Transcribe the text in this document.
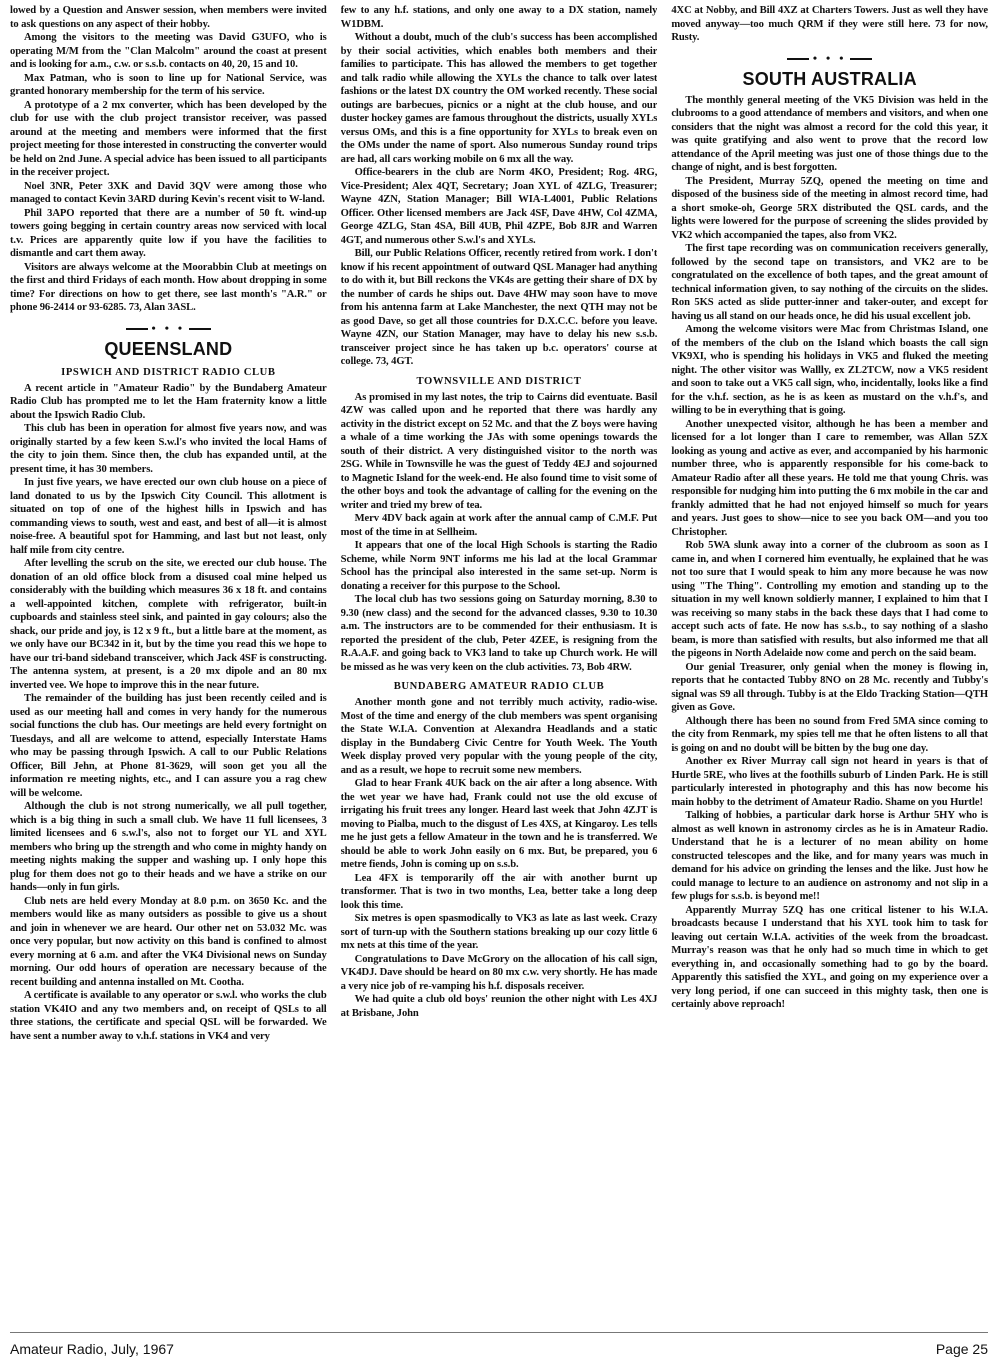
lowed by a Question and Answer session, when members were invited to ask questions on any aspect of their hobby.

Among the visitors to the meeting was David G3UFO, who is operating M/M from the "Clan Malcolm" around the coast at present and is looking for a.m., c.w. or s.s.b. contacts on 40, 20, 15 and 10.

Max Patman, who is soon to line up for National Service, was granted honorary membership for the term of his service.

A prototype of a 2 mx converter, which has been developed by the club for use with the club project transistor receiver, was passed around at the meeting and members were informed that the first project meeting for those interested in constructing the converter would be held on 2nd June. A special advice has been issued to all participants in the receiver project.

Noel 3NR, Peter 3XK and David 3QV were among those who managed to contact Kevin 3ARD during Kevin's recent visit to W-land.

Phil 3APO reported that there are a number of 50 ft. wind-up towers going begging in certain country areas now serviced with local t.v. Prices are apparently quite low if you have the facilities to dismantle and cart them away.

Visitors are always welcome at the Moorabbin Club at meetings on the first and third Fridays of each month. How about dropping in some time? For directions on how to get there, see last month's "A.R." or phone 96-2414 or 93-6285. 73, Alan 3ASL.

• • •
QUEENSLAND
IPSWICH AND DISTRICT RADIO CLUB

A recent article in "Amateur Radio" by the Bundaberg Amateur Radio Club has prompted me to let the Ham fraternity know a little about the Ipswich Radio Club.

This club has been in operation for almost five years now, and was originally started by a few keen S.w.l's who invited the local Hams of the city to join them. Since then, the club has expanded until, at the present time, it has 30 members.

In just five years, we have erected our own club house on a piece of land donated to us by the Ipswich City Council. This allotment is situated on top of one of the highest hills in Ipswich and has commanding views to south, west and east, and best of all—it is almost noise-free. A beautiful spot for Hamming, and last but not least, only half mile from city centre.

After levelling the scrub on the site, we erected our club house. The donation of an old office block from a disused coal mine helped us considerably with the building which measures 36 x 18 ft. and contains a well-appointed kitchen, complete with refrigerator, built-in cupboards and stainless steel sink, and painted in gay colours; also the shack, our pride and joy, is 12 x 9 ft., but a little bare at the moment, as we only have our BC342 in it, but by the time you read this we hope to have our tri-band sideband transceiver, which Jack 4SF is constructing. The antenna system, at present, is a 20 mx dipole and an 80 mx inverted vee. We hope to improve this in the near future.

The remainder of the building has just been recently ceiled and is used as our meeting hall and comes in very handy for the numerous social functions the club has. Our meetings are held every fortnight on Tuesdays, and all are welcome to attend, especially Interstate Hams who may be passing through Ipswich. A call to our Public Relations Officer, Bill Jehn, at Phone 81-3629, will soon get you all the information re meeting nights, etc., and I can assure you a rag chew will be welcome.

Although the club is not strong numerically, we all pull together, which is a big thing in such a small club. We have 11 full licensees, 3 limited licensees and 6 s.w.l's, also not to forget our YL and XYL members who bring up the strength and who come in mighty handy on meeting nights making the supper and washing up. I only hope this plug for them does not go to their heads and we have a strike on our hands—only in fun girls.

Club nets are held every Monday at 8.0 p.m. on 3650 Kc. and the members would like as many outsiders as possible to give us a shout and join in whenever we are heard. Our other net on 53.032 Mc. was once very popular, but now activity on this band is confined to almost every morning at 6 a.m. and after the VK4 Divisional news on Sunday morning. Our odd hours of operation are necessary because of the recent building and antenna installed on Mt. Cootha.

A certificate is available to any operator or s.w.l. who works the club station VK4IO and any two members and, on receipt of QSLs to all three stations, the certificate and special QSL will be forwarded. We have sent a number away to v.h.f. stations in VK4 and very

few to any h.f. stations, and only one away to a DX station, namely W1DBM.

Without a doubt, much of the club's success has been accomplished by their social activities, which enables both members and their families to participate. This has allowed the members to get together and talk radio while allowing the XYLs the chance to talk over latest fashions or the latest DX country the OM worked recently. These social outings are barbecues, picnics or a night at the club house, and our duster hockey games are famous throughout the districts, usually XYLs versus OMs, and this is a fine opportunity for XYLs to break even on the OMs under the name of sport. Also numerous Sunday round trips are had, all cars working mobile on 6 mx all the way.

Office-bearers in the club are Norm 4KO, President; Rog. 4RG, Vice-President; Alex 4QT, Secretary; Joan XYL of 4ZLG, Treasurer; Wayne 4ZN, Station Manager; Bill WIA-L4001, Public Relations Officer. Other licensed members are Jack 4SF, Dave 4HW, Col 4ZMA, George 4ZLG, Stan 4SA, Bill 4UB, Phil 4ZPE, Bob 8JR and Warren 4GT, and numerous other S.w.l's and XYLs.

Bill, our Public Relations Officer, recently retired from work. I don't know if his recent appointment of outward QSL Manager had anything to do with it, but Bill reckons the VK4s are getting their share of DX by the number of cards he ships out. Dave 4HW may soon have to move from his antenna farm at Lake Manchester, the next QTH may not be as good Dave, so get all those countries for D.X.C.C. before you leave. Wayne 4ZN, our Station Manager, may have to delay his new s.s.b. transceiver project since he has taken up b.c. operators' course at college. 73, 4GT.

TOWNSVILLE AND DISTRICT

As promised in my last notes, the trip to Cairns did eventuate. Basil 4ZW was called upon and he reported that there was hardly any activity in the district except on 52 Mc. and that the Z boys were having a whale of a time working the JAs with some openings towards the south of their district. A very distinguished visitor to the north was 2SG. While in Townsville he was the guest of Teddy 4EJ and sojourned to Magnetic Island for the week-end. He also found time to visit some of the other boys and took the advantage of calling for the evening on the writer and tried my brew of tea.

Merv 4DV back again at work after the annual camp of C.M.F. Put most of the time in at Sellheim.

It appears that one of the local High Schools is starting the Radio Scheme, while Norm 9NT informs me his lad at the local Grammar School has the principal also interested in the same set-up. Norm is donating a receiver for this purpose to the School.

The local club has two sessions going on Saturday morning, 8.30 to 9.30 (new class) and the second for the advanced classes, 9.30 to 10.30 a.m. The instructors are to be commended for their enthusiasm. It is reported the president of the club, Peter 4ZEE, is resigning from the R.A.A.F. and going back to VK3 land to take up Church work. He will be missed as he was very keen on the club activities. 73, Bob 4RW.

BUNDABERG AMATEUR RADIO CLUB

Another month gone and not terribly much activity, radio-wise. Most of the time and energy of the club members was spent organising the State W.I.A. Convention at Alexandra Headlands and a static display in the Bundaberg Civic Centre for Youth Week. The Youth Week display proved very popular with the young people of the city, and as a result, we hope to recruit some new members.

Glad to hear Frank 4UK back on the air after a long absence. With the wet year we have had, Frank could not use the old excuse of irrigating his fruit trees any longer. Heard last week that John 4ZJT is moving to Pialba, much to the disgust of Les 4XS, at Kingaroy. Les tells me he just gets a fellow Amateur in the town and he is transferred. We should be able to work John easily on 6 mx. But, be prepared, you 6 metre fiends, John is coming up on s.s.b.

Lea 4FX is temporarily off the air with another burnt up transformer. That is two in two months, Lea, better take a long deep look this time.

Six metres is open spasmodically to VK3 as late as last week. Crazy sort of turn-up with the Southern stations breaking up our cozy little 6 mx nets at this time of the year.

Congratulations to Dave McGrory on the allocation of his call sign, VK4DJ. Dave should be heard on 80 mx c.w. very shortly. He has made a very nice job of re-vamping his h.f. disposals receiver.

We had quite a club old boys' reunion the other night with Les 4XJ at Brisbane, John

4XC at Nobby, and Bill 4XZ at Charters Towers. Just as well they have moved anyway—too much QRM if they were still here. 73 for now, Rusty.

• • •
SOUTH AUSTRALIA

The monthly general meeting of the VK5 Division was held in the clubrooms to a good attendance of members and visitors, and when one considers that the night was almost a record for the cold this year, it was quite gratifying and also went to prove that the record low attendance of the April meeting was just one of those things due to the change of night, and is best forgotten.

The President, Murray 5ZQ, opened the meeting on time and disposed of the business side of the meeting in almost record time, had a short smoke-oh, George 5RX distributed the QSL cards, and the lights were lowered for the purpose of screening the slides provided by VK2 which accompanied the tapes, also from VK2.

The first tape recording was on communication receivers generally, followed by the second tape on transistors, and VK2 are to be congratulated on the excellence of both tapes, and the great amount of technical information given, to say nothing of the circuits on the slides. Ron 5KS acted as slide putter-inner and taker-outer, and except for having us all stand on our heads once, he did his usual excellent job.

Among the welcome visitors were Mac from Christmas Island, one of the members of the club on the Island which boasts the call sign VK9XI, who is spending his holidays in VK5 and fluked the meeting night. The other visitor was Wallly, ex ZL2TCW, now a VK5 resident and soon to take out a VK5 call sign, who, incidentally, looks like a find for the v.h.f. section, as he is as keen as mustard on the v.h.f's, and willing to be in everything that is going.

Another unexpected visitor, although he has been a member and licensed for a lot longer than I care to remember, was Allan 5ZX looking as young and active as ever, and accompanied by his harmonic number three, who is apparently responsible for his come-back to Amateur Radio after all these years. He told me that young Chris. was responsible for nudging him into putting the 6 mx mobile in the car and frankly admitted that he had not enjoyed himself so much for years and years. Just goes to show—nice to see you back OM—and you too Christopher.

Rob 5WA slunk away into a corner of the clubroom as soon as I came in, and when I cornered him eventually, he explained that he was not too sure that I would speak to him any more because he was now using "The Thing". Controlling my emotion and standing up to the situation in my well known soldierly manner, I explained to him that I was receiving so many stabs in the back these days that I had come to accept such acts of fate. He now has s.s.b., to say nothing of a slasho beam, is more than satisfied with results, but also informed me that all the pigeons in North Adelaide now come and perch on the said beam.

Our genial Treasurer, only genial when the money is flowing in, reports that he contacted Tubby 8NO on 28 Mc. recently and Tubby's signal was S9 all through. Tubby is at the Eldo Tracking Station—QTH given as Gove.

Although there has been no sound from Fred 5MA since coming to the city from Renmark, my spies tell me that he often listens to all that is going on and no doubt will be bitten by the bug one day.

Another ex River Murray call sign not heard in years is that of Hurtle 5RE, who lives at the foothills suburb of Linden Park. He is still particularly interested in photography and this has now become his main hobby to the detriment of Amateur Radio. Shame on you Hurtle!

Talking of hobbies, a particular dark horse is Arthur 5HY who is almost as well known in astronomy circles as he is in Amateur Radio. Understand that he is a lecturer of no mean ability on home constructed telescopes and the like, and for many years was much in demand for his advice on grinding the lenses and the like. Just how he could manage to lecture to an audience on astronomy and not slip in a few plugs for s.s.b. is beyond me!!

Apparently Murray 5ZQ has one critical listener to his W.I.A. broadcasts because I understand that his XYL took him to task for leaving out certain W.I.A. activities of the week from the broadcast. Murray's reason was that he only had so much time in which to get everything in, and occasionally something had to go by the board. Apparently this satisfied the XYL, and going on my experience over a very long period, if one can succeed in this mighty task, then one is certainly above reproach!

Amateur Radio, July, 1967	Page 25
